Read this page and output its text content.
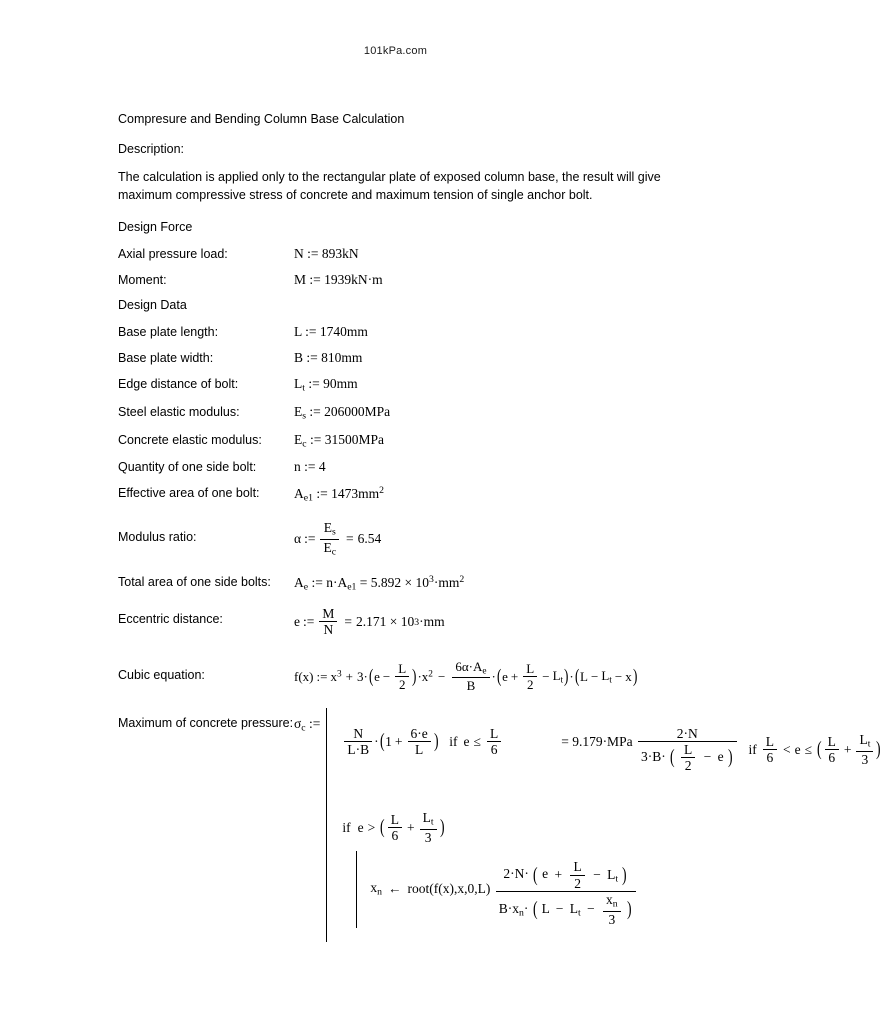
101kPa.com
Compresure and Bending Column Base Calculation
Description:
The calculation is applied only to the rectangular plate of exposed column base, the result will give maximum compressive stress of concrete and maximum tension of single anchor bolt.
Design Force
Axial pressure load:	N := 893kN
Moment:	M := 1939kN·m
Design Data
Base plate length:	L := 1740mm
Base plate width:	B := 810mm
Edge distance of bolt:	$L_t$ := 90mm
Steel elastic modulus:	$E_s$ := 206000MPa
Concrete elastic modulus:	$E_c$ := 31500MPa
Quantity of one side bolt:	n := 4
Effective area of one bolt:	$A_{e1}$ := $1473mm^2$
Modulus ratio:	α := $\frac{E_s}{E_c} = 6.54$
Total area of one side bolts:	$A_e$ := $n\cdot A_{e1} = 5.892 \times 10^3\cdot mm^2$
Eccentric distance:	e := $\frac{M}{N} = 2.171 \times 10$ 3 ·mm
Cubic equation:	f(x) := $x^3 + 3$ · ( $e - \frac{L}{2}$ ) · $x^2 - \frac{6\alpha\cdot A_e}{B}$ · ( $e + \frac{L}{2} - L_t$ ) · ( $L - L_t - x$ )
Maximum of concrete pressure: $\sigma_c$ :=
$\frac{N}{L\cdot B}$ · ( $1 + \frac{6\cdot e}{L}$ ) if $e \le \frac{L}{6}$	= 9.179·MPa

2·N
3·B· ( $\frac{L}{2} - e$ ) if $\frac{L}{6} < e$ ≤ ( $\frac{L}{6} + \frac{L_t}{3}$ )
if e > ( $\frac{L}{6} + \frac{L_t}{3}$ )
$x_n$ ← root(f(x),x,0,L)

2·N· ( $e + \frac{L}{2} - L_t$ )
$B\cdot x_n\cdot$ ( $L - L_t - \frac{x_n}{3}$ )
